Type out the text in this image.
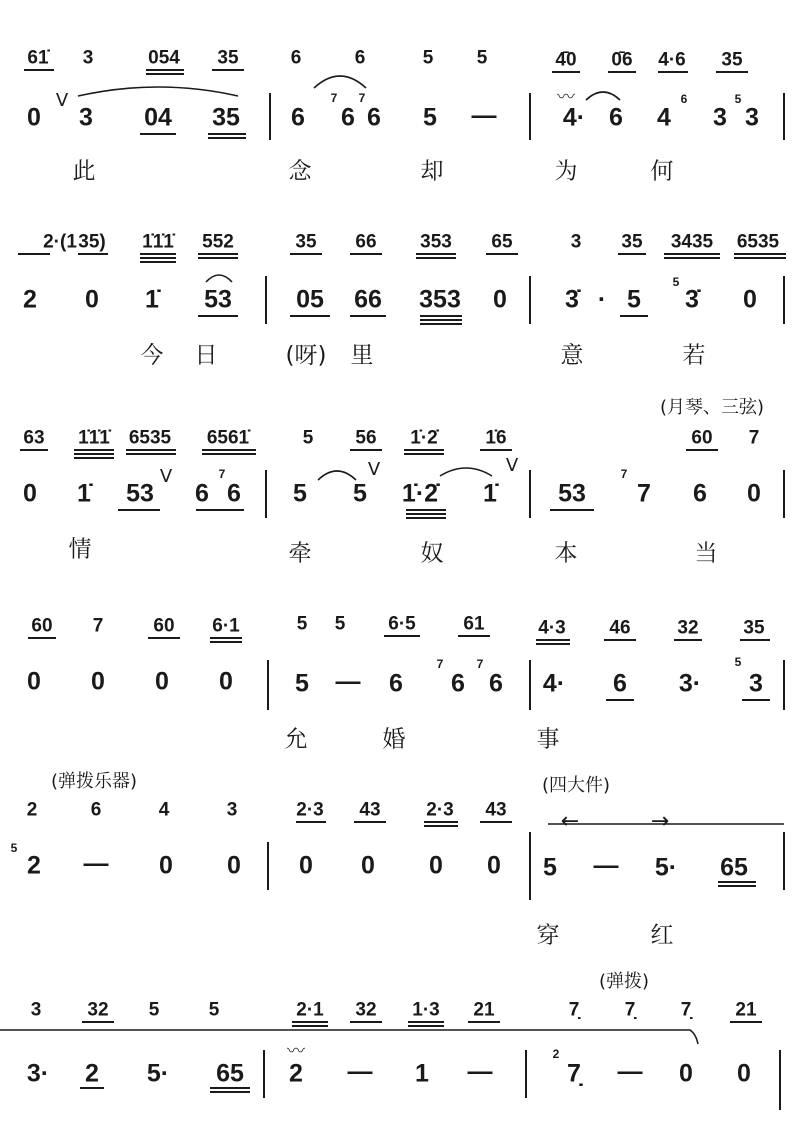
61̇ 3	054 35	6	6	5 5	4̄0 0̄6 4·6 35
0
V
3 04 35 6
7
6
7
6 5 —
〰
4· 6 4
6
3
5
3
此	念	却	为	何
2·(1 35) 1̇1̇1̇ 552	35 66 353 65	3 35 3435 6535
2 0 1̇ 53	05 66 353 0 3̇ · 5
5
3̇ 0
今 日	(呀) 里	意	若
(月琴、三弦)
63 1̇1̇1̇ 6535 6561̇	5 56 1̇·2̇	1̇6	60 7
0 1̇ 53
V
6
7
6 5 5
V
1̇·2̇ 1̇
V
53
7
7 6 0
情	牵	奴	本	当
60 7	60 6·1	5 5 6·5	61	4·3 46 32 35
0 0 0 0 5 — 6
7
6
7
6 4· 6 3·
5
3
允	婚	事
(弹拨乐器)	(四大件)
2	6	4	3	2·3 43 2·3 43 ←	→
5
2 — 0 0 0 0 0 0 5 — 5· 65
穿	红
(弹拨)
3 32 5	5	2·1 32 1·3 21	7̣ 7̣ 7̣ 21
3· 2 5· 65
〰
2 — 1 —
2
7̣ — 0 0
